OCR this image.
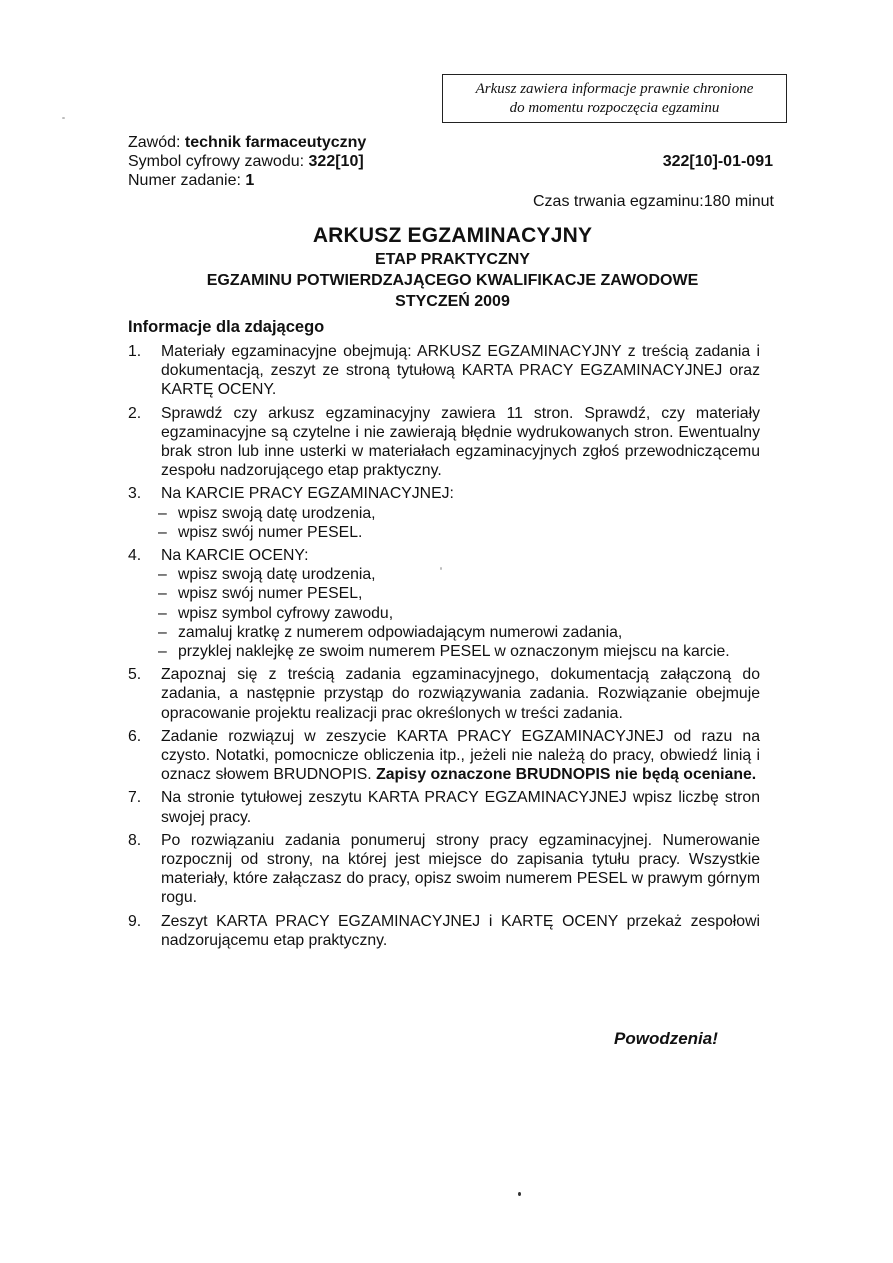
Arkusz zawiera informacje prawnie chronione
do momentu rozpoczęcia egzaminu
Zawód: technik farmaceutyczny
Symbol cyfrowy zawodu: 322[10]
Numer zadanie: 1
322[10]-01-091
Czas trwania egzaminu:180 minut
ARKUSZ EGZAMINACYJNY
ETAP PRAKTYCZNY
EGZAMINU POTWIERDZAJĄCEGO KWALIFIKACJE ZAWODOWE
STYCZEŃ 2009
Informacje dla zdającego
1. Materiały egzaminacyjne obejmują: ARKUSZ EGZAMINACYJNY z treścią zadania i dokumentacją, zeszyt ze stroną tytułową KARTA PRACY EGZAMINACYJNEJ oraz KARTĘ OCENY.
2. Sprawdź czy arkusz egzaminacyjny zawiera 11 stron. Sprawdź, czy materiały egzaminacyjne są czytelne i nie zawierają błędnie wydrukowanych stron. Ewentualny brak stron lub inne usterki w materiałach egzaminacyjnych zgłoś przewodniczącemu zespołu nadzorującego etap praktyczny.
3. Na KARCIE PRACY EGZAMINACYJNEJ:
– wpisz swoją datę urodzenia,
– wpisz swój numer PESEL.
4. Na KARCIE OCENY:
– wpisz swoją datę urodzenia,
– wpisz swój numer PESEL,
– wpisz symbol cyfrowy zawodu,
– zamaluj kratkę z numerem odpowiadającym numerowi zadania,
– przyklej naklejkę ze swoim numerem PESEL w oznaczonym miejscu na karcie.
5. Zapoznaj się z treścią zadania egzaminacyjnego, dokumentacją załączoną do zadania, a następnie przystąp do rozwiązywania zadania. Rozwiązanie obejmuje opracowanie projektu realizacji prac określonych w treści zadania.
6. Zadanie rozwiązuj w zeszycie KARTA PRACY EGZAMINACYJNEJ od razu na czysto. Notatki, pomocnicze obliczenia itp., jeżeli nie należą do pracy, obwiedź linią i oznacz słowem BRUDNOPIS. Zapisy oznaczone BRUDNOPIS nie będą oceniane.
7. Na stronie tytułowej zeszytu KARTA PRACY EGZAMINACYJNEJ wpisz liczbę stron swojej pracy.
8. Po rozwiązaniu zadania ponumeruj strony pracy egzaminacyjnej. Numerowanie rozpocznij od strony, na której jest miejsce do zapisania tytułu pracy. Wszystkie materiały, które załączasz do pracy, opisz swoim numerem PESEL w prawym górnym rogu.
9. Zeszyt KARTA PRACY EGZAMINACYJNEJ i KARTĘ OCENY przekaż zespołowi nadzorującemu etap praktyczny.
Powodzenia!
